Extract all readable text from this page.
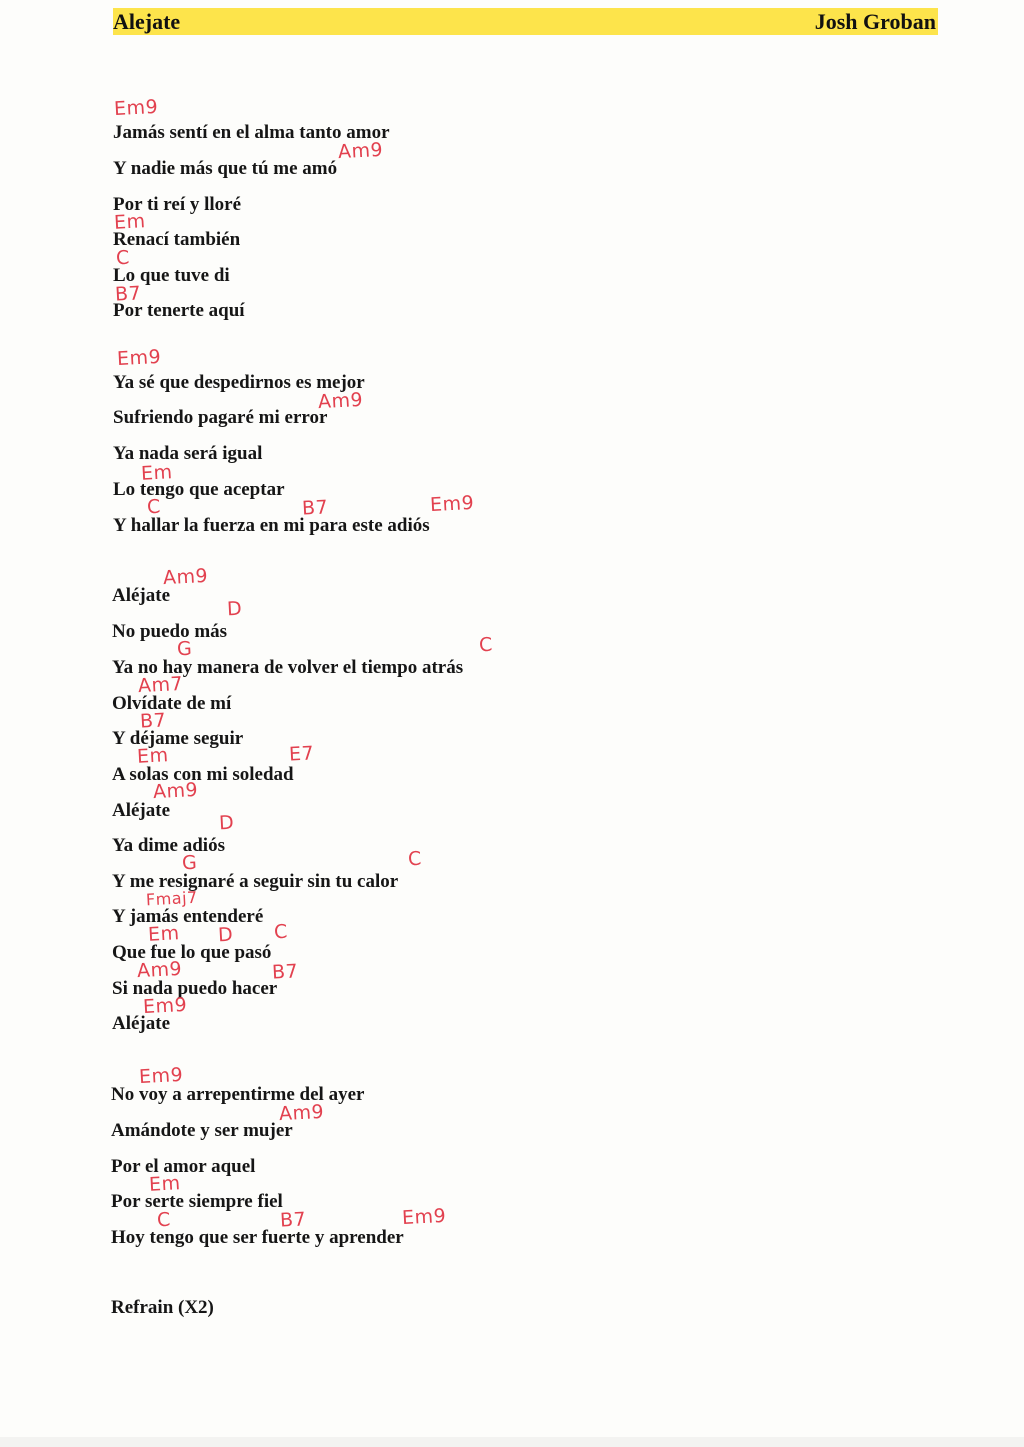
Alejate	Josh Groban
Jamás sentí en el alma tanto amor
Y nadie más que tú me amó
Por ti reí y lloré
Renací también
Lo que tuve di
Por tenerte aquí
Ya sé que despedirnos es mejor
Sufriendo pagaré mi error
Ya nada será igual
Lo tengo que aceptar
Y hallar la fuerza en mi para este adiós
Aléjate
No puedo más
Ya no hay manera de volver el tiempo atrás
Olvídate de mí
Y déjame seguir
A solas con mi soledad
Aléjate
Ya dime adiós
Y me resignaré a seguir sin tu calor
Y jamás entenderé
Que fue lo que pasó
Si nada puedo hacer
Aléjate
No voy a arrepentirme del ayer
Amándote y ser mujer
Por el amor aquel
Por serte siempre fiel
Hoy tengo que ser fuerte y aprender
Refrain (X2)
Em9
Am9
Em
C
B7
Em9
Am9
Em
C	B7	Em9
Am9
D
G	C
Am7
B7
Em	E7
Am9
D
G	C
Fmaj7
Em D C
Am9	B7
Em9
Em9
Am9
Em
C	B7	Em9
